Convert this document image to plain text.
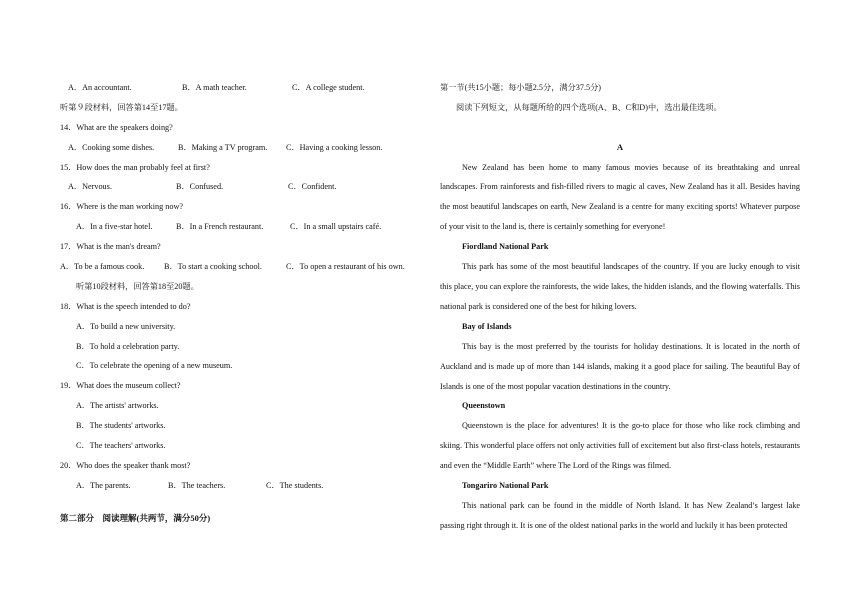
A．An accountant.	B．A math teacher.	C．A college student.
听第９段材料，回答第14至17题。
14．What are the speakers doing?
A．Cooking some dishes.	B．Making a TV program. C．Having a cooking lesson.
15．How does the man probably feel at first?
A．Nervous.	B．Confused.	C．Confident.
16．Where is the man working now?
A．In a five-star hotel.	B．In a French restaurant.	C．In a small upstairs café.
17．What is the man's dream?
A．To be a famous cook. B．To start a cooking school.	C．To open a restaurant of his own.
听第10段材料，回答第18至20题。
18．What is the speech intended to do?
A．To build a new university.
B．To hold a celebration party.
C．To celebrate the opening of a new museum.
19．What does the museum collect?
A．The artists' artworks.
B．The students' artworks.
C．The teachers' artworks.
20．Who does the speaker thank most?
A．The parents.	B．The teachers.	C．The students.
第二部分　阅读理解(共两节，满分50分)
第一节(共15小题；每小题2.5分，满分37.5分)
阅读下列短文，从每题所给的四个选项(A、B、C和D)中，选出最佳选项。
A

New Zealand has been home to many famous movies because of its breathtaking and unreal landscapes. From rainforests and fish-filled rivers to magic al caves, New Zealand has it all. Besides having the most beautiful landscapes on earth, New Zealand is a centre for many exciting sports! Whatever purpose of your visit to the land is, there is certainly something for everyone!

Fiordland National Park

This park has some of the most beautiful landscapes of the country. If you are lucky enough to visit this place, you can explore the rainforests, the wide lakes, the hidden islands, and the flowing waterfalls. This national park is considered one of the best for hiking lovers.

Bay of Islands

This bay is the most preferred by the tourists for holiday destinations. It is located in the north of Auckland and is made up of more than 144 islands, making it a good place for sailing. The beautiful Bay of Islands is one of the most popular vacation destinations in the country.

Queenstown

Queenstown is the place for adventures! It is the go-to place for those who like rock climbing and skiing. This wonderful place offers not only activities full of excitement but also first-class hotels, restaurants and even the “Middle Earth” where The Lord of the Rings was filmed.

Tongariro National Park

This national park can be found in the middle of North Island. It has New Zealand’s largest lake passing right through it. It is one of the oldest national parks in the world and luckily it has been protected
